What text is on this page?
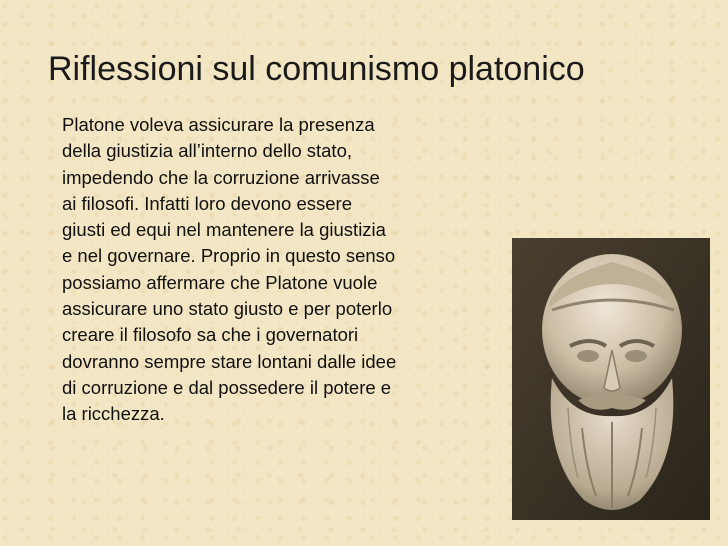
Riflessioni sul comunismo platonico

Platone voleva assicurare la presenza
della giustizia all’interno dello stato,
impedendo che la corruzione arrivasse
ai filosofi. Infatti loro devono essere
giusti ed equi nel mantenere la giustizia
e nel governare. Proprio in questo senso
possiamo affermare che Platone vuole
assicurare uno stato giusto e per poterlo
creare il filosofo sa che i governatori
dovranno sempre stare lontani dalle idee
di corruzione e dal possedere il potere e
la ricchezza.
